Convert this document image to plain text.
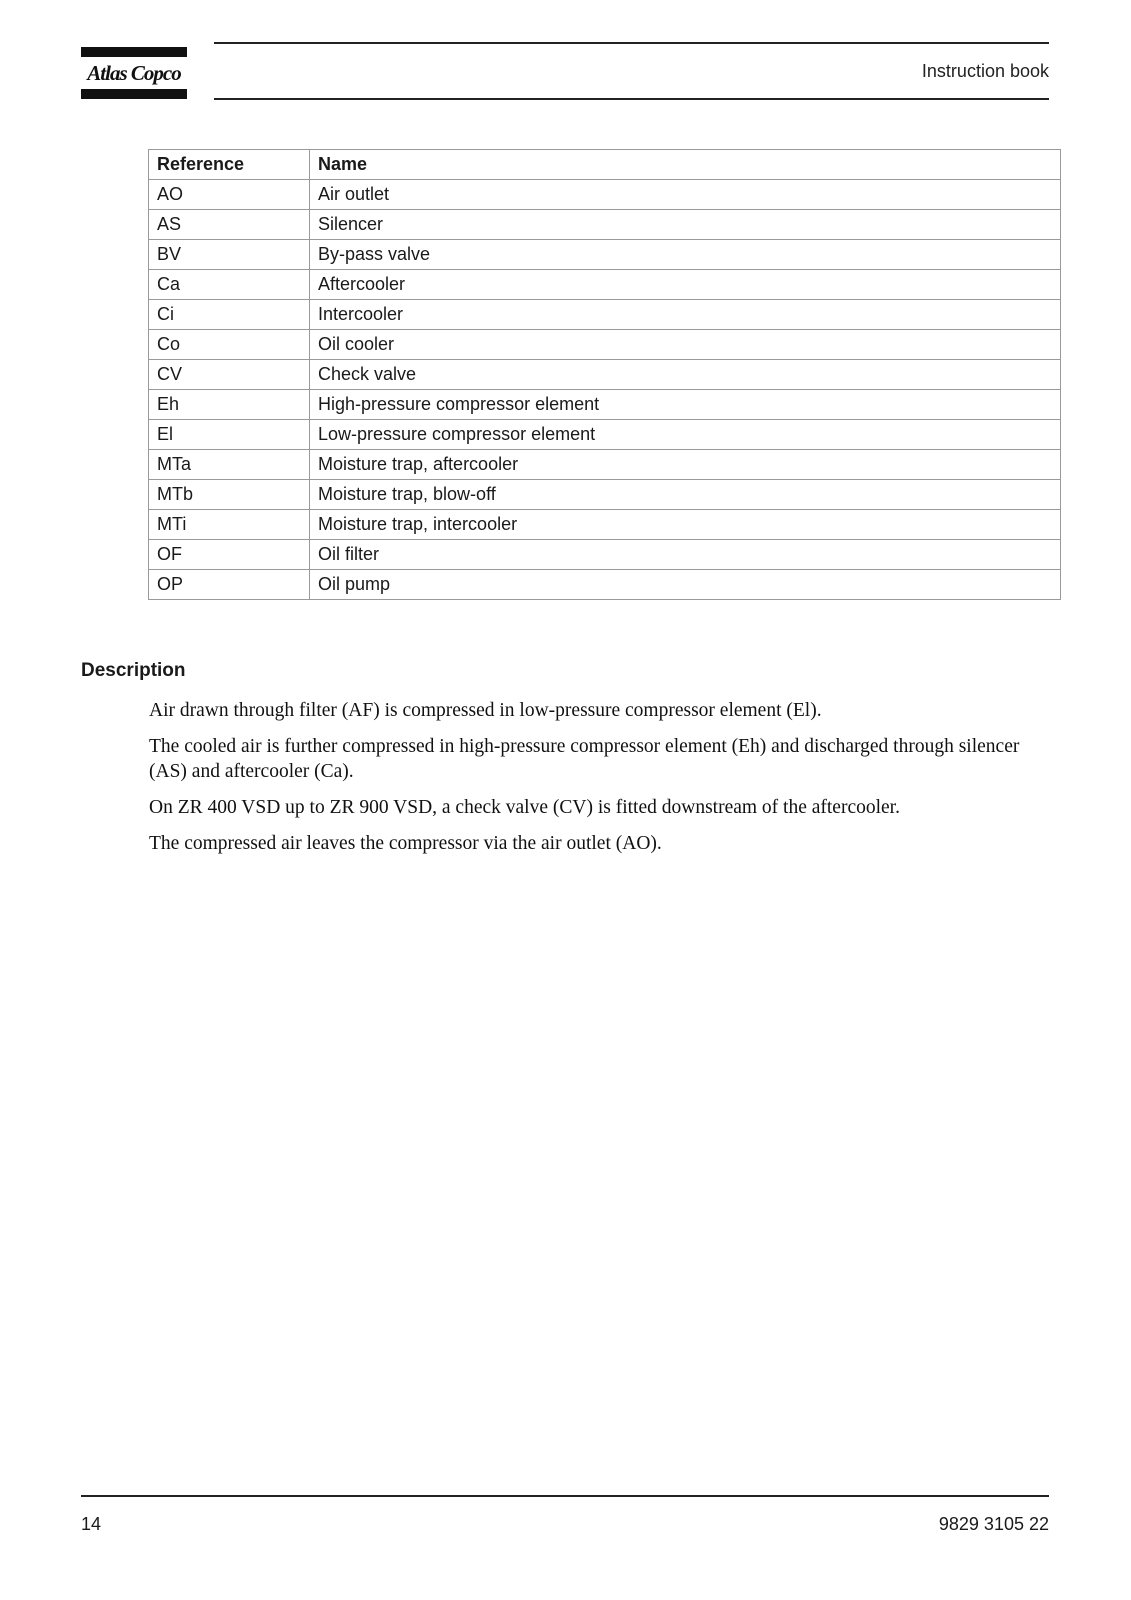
Atlas Copco	Instruction book
Reference	Name
AO	Air outlet
AS	Silencer
BV	By-pass valve
Ca	Aftercooler
Ci	Intercooler
Co	Oil cooler
CV	Check valve
Eh	High-pressure compressor element
El	Low-pressure compressor element
MTa	Moisture trap, aftercooler
MTb	Moisture trap, blow-off
MTi	Moisture trap, intercooler
OF	Oil filter
OP	Oil pump
Description

Air drawn through filter (AF) is compressed in low-pressure compressor element (El).

The cooled air is further compressed in high-pressure compressor element (Eh) and discharged through silencer (AS) and aftercooler (Ca).

On ZR 400 VSD up to ZR 900 VSD, a check valve (CV) is fitted downstream of the aftercooler.

The compressed air leaves the compressor via the air outlet (AO).

14	9829 3105 22
